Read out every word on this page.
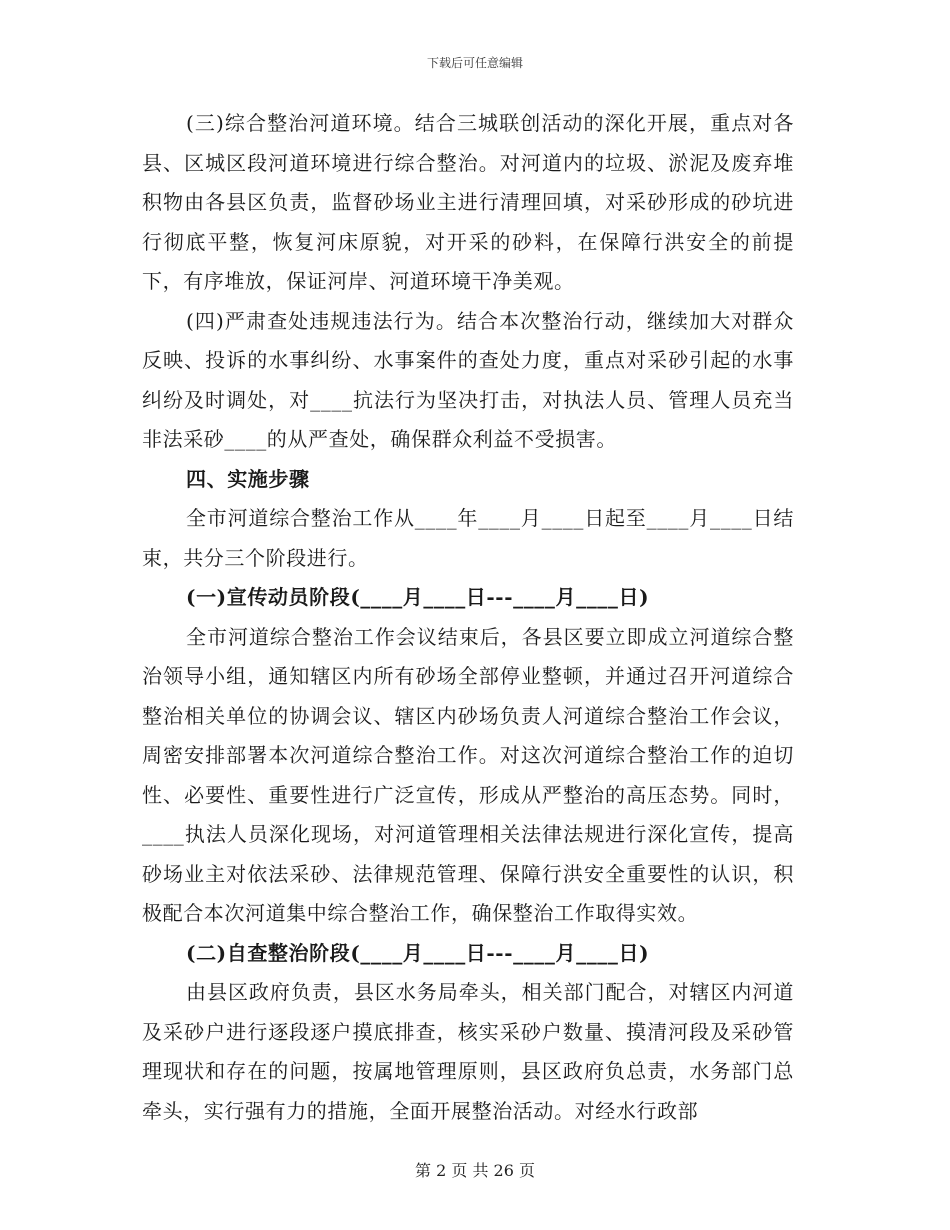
下载后可任意编辑

(三)综合整治河道环境。结合三城联创活动的深化开展，重点对各县、区城区段河道环境进行综合整治。对河道内的垃圾、淤泥及废弃堆积物由各县区负责，监督砂场业主进行清理回填，对采砂形成的砂坑进行彻底平整，恢复河床原貌，对开采的砂料，在保障行洪安全的前提下，有序堆放，保证河岸、河道环境干净美观。

(四)严肃查处违规违法行为。结合本次整治行动，继续加大对群众反映、投诉的水事纠纷、水事案件的查处力度，重点对采砂引起的水事纠纷及时调处，对____抗法行为坚决打击，对执法人员、管理人员充当非法采砂____的从严查处，确保群众利益不受损害。

四、实施步骤

全市河道综合整治工作从____年____月____日起至____月____日结束，共分三个阶段进行。

(一)宣传动员阶段(____月____日---____月____日)

全市河道综合整治工作会议结束后，各县区要立即成立河道综合整治领导小组，通知辖区内所有砂场全部停业整顿，并通过召开河道综合整治相关单位的协调会议、辖区内砂场负责人河道综合整治工作会议，周密安排部署本次河道综合整治工作。对这次河道综合整治工作的迫切性、必要性、重要性进行广泛宣传，形成从严整治的高压态势。同时，____执法人员深化现场，对河道管理相关法律法规进行深化宣传，提高砂场业主对依法采砂、法律规范管理、保障行洪安全重要性的认识，积极配合本次河道集中综合整治工作，确保整治工作取得实效。

(二)自查整治阶段(____月____日---____月____日)

由县区政府负责，县区水务局牵头，相关部门配合，对辖区内河道及采砂户进行逐段逐户摸底排查，核实采砂户数量、摸清河段及采砂管理现状和存在的问题，按属地管理原则，县区政府负总责，水务部门总牵头，实行强有力的措施，全面开展整治活动。对经水行政部

第 2 页 共 26 页
